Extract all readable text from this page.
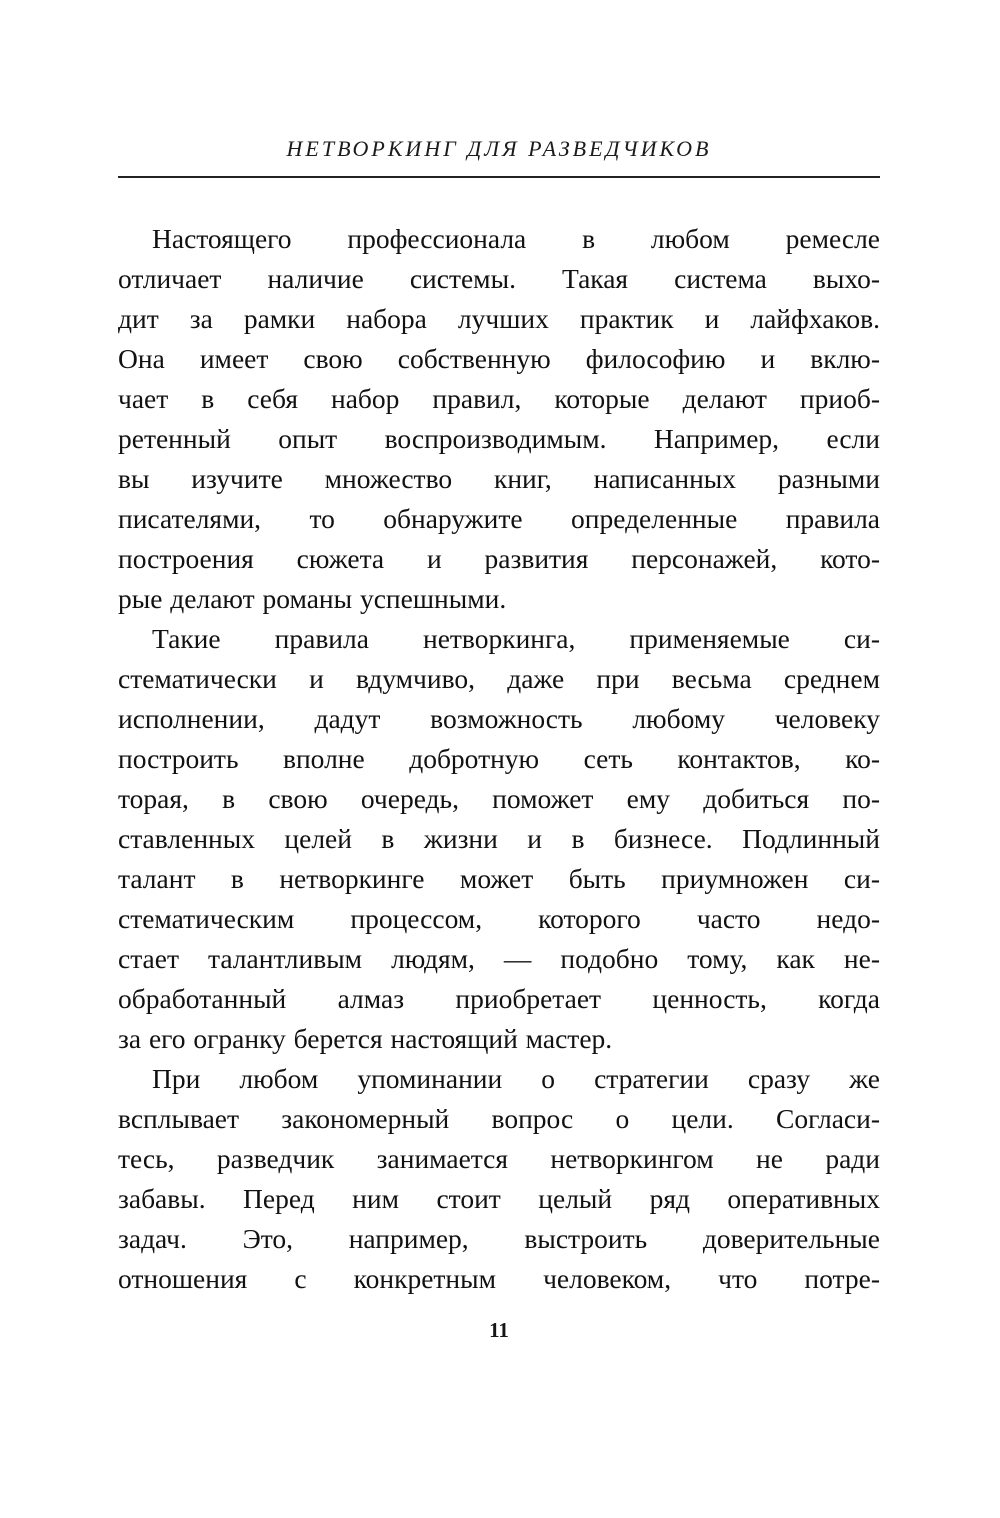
НЕТВОРКИНГ ДЛЯ РАЗВЕДЧИКОВ
Настоящего профессионала в любом ремесле
отличает наличие системы. Такая система выхо-
дит за рамки набора лучших практик и лайфхаков.
Она имеет свою собственную философию и вклю-
чает в себя набор правил, которые делают приоб-
ретенный опыт воспроизводимым. Например, если
вы изучите множество книг, написанных разными
писателями, то обнаружите определенные правила
построения сюжета и развития персонажей, кото-
рые делают романы успешными.
Такие правила нетворкинга, применяемые си-
стематически и вдумчиво, даже при весьма среднем
исполнении, дадут возможность любому человеку
построить вполне добротную сеть контактов, ко-
торая, в свою очередь, поможет ему добиться по-
ставленных целей в жизни и в бизнесе. Подлинный
талант в нетворкинге может быть приумножен си-
стематическим процессом, которого часто недо-
стает талантливым людям, — подобно тому, как не-
обработанный алмаз приобретает ценность, когда
за его огранку берется настоящий мастер.
При любом упоминании о стратегии сразу же
всплывает закономерный вопрос о цели. Согласи-
тесь, разведчик занимается нетворкингом не ради
забавы. Перед ним стоит целый ряд оперативных
задач. Это, например, выстроить доверительные
отношения с конкретным человеком, что потре-
11
